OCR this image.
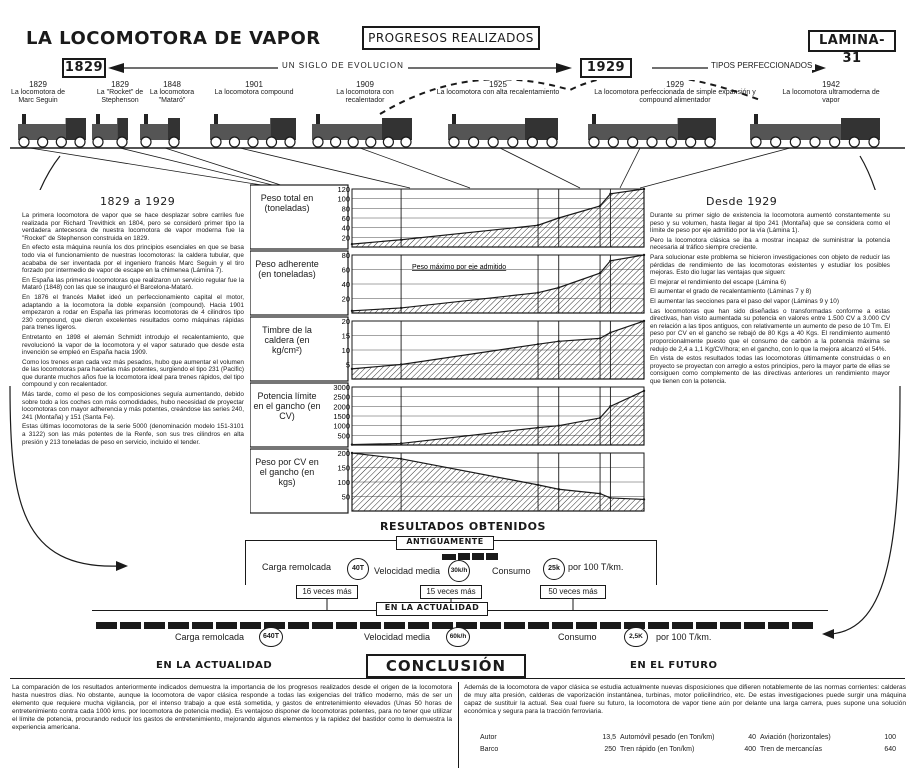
LA LOCOMOTORA DE VAPOR	PROGRESOS REALIZADOS	LAMINA-31
1829	1929
UN SIGLO DE EVOLUCION	TIPOS PERFECCIONADOS
1829
La locomotora de Marc Seguin
1829
La "Rocket" de Stephenson
1848
La locomotora "Mataró"
1901
La locomotora compound
1909
La locomotora con recalentador
1925
La locomotora con alta recalentamiento
1929
La locomotora perfeccionada de simple expansión y compound alimentador
1942
La locomotora ultramoderna de vapor
1829 a 1929
La primera locomotora de vapor que se hace desplazar sobre carriles fue realizada por Richard Trevithick en 1804, pero se consideró primer tipo la verdadera antecesora de nuestra locomotora de vapor moderna fue la "Rocket" de Stephenson construida en 1829.
En efecto esta máquina reunía los dos principios esenciales en que se basa todo via el funcionamiento de nuestras locomotoras: la caldera tubular, que acababa de ser inventada por el ingeniero francés Marc Seguin y el tiro forzado por intermedio de vapor de escape en la chimenea (Lámina 7).
En España las primeras locomotoras que realizaron un servicio regular fue la Mataró (1848) con las que se inauguró el Barcelona-Mataró.
En 1876 el francés Mallet ideó un perfeccionamiento capital el motor, adaptando a la locomotora la doble expansión (compound). Hacia 1901 empezaron a rodar en España las primeras locomotoras de 4 cilindros tipo 230 compound, que dieron excelentes resultados como máquinas rápidas para trenes ligeros.
Entretanto en 1898 el alemán Schmidt introdujo el recalentamiento, que revolucionó la vapor de la locomotora y el vapor saturado que desde esta invención se empleó en España hacia 1909.
Como los trenes eran cada vez más pesados, hubo que aumentar el volumen de las locomotoras para hacerlas más potentes, surgiendo el tipo 231 (Pacific) que durante muchos años fue la locomotora ideal para trenes rápidos, del tipo compound y con recalentador.
Más tarde, como el peso de los composiciones seguía aumentando, debido sobre todo a los coches con más comodidades, hubo necesidad de proyectar locomotoras con mayor adherencia y más potentes, creándose las series 240, 241 (Montaña) y 151 (Santa Fe).
Estas últimas locomotoras de la serie 5000 (denominación modelo 151-3101 a 3122) son las más potentes de la Renfe, son sus tres cilindros en alta presión y 213 toneladas de peso en servicio, incluido el tender.
Desde 1929
Durante su primer siglo de existencia la locomotora aumentó constantemente su peso y su volumen, hasta llegar al tipo 241 (Montaña) que se considera como el límite de peso por eje admitido por la vía (Lámina 1).
Pero la locomotora clásica se iba a mostrar incapaz de suministrar la potencia necesaria al tráfico siempre creciente.
Para solucionar este problema se hicieron investigaciones con objeto de reducir las pérdidas de rendimiento de las locomotoras existentes y estudiar los posibles mejoras. Esto dio lugar las ventajas que siguen:
El mejorar el rendimiento del escape (Lámina 6)
El aumentar el grado de recalentamiento (Láminas 7 y 8)
El aumentar las secciones para el paso del vapor (Láminas 9 y 10)
Las locomotoras que han sido diseñadas o transformadas conforme a estas directivas, han visto aumentada su potencia en valores entre 1.500 CV a 3.000 CV en relación a las tipos antiguos, con relativamente un aumento de peso de 10 Tm. El peso por CV en el gancho se rebajó de 80 Kgs a 40 Kgs. El rendimiento aumentó proporcionalmente puesto que el consumo de carbón a la potencia máxima se redujo de 2,4 a 1,1 Kg/CV/hora; en el gancho, con lo que la mejora alcanzó el 54%.
En vista de estos resultados todas las locomotoras últimamente construidas o en proyecto se proyectan con arreglo a estos principios, pero la mayor parte de ellas se consiguen como complemento de las directivas anteriores un rendimiento mayor que tienen con la potencia.
Peso total en (toneladas)
20
40
60
80
100
120
Peso adherente (en toneladas)
20
40
60
80
Peso máximo por eje admitido
Timbre de la caldera (en kg/cm²)
5
10
15
20
Potencia límite en el gancho (en CV)
500
1000
1500
2000
2500
3000
Peso por CV en el gancho (en kgs)
50
100
150
200
RESULTADOS OBTENIDOS
ANTIGUAMENTE
Carga remolcada	40T	Velocidad media	30k/h	Consumo	25k por 100 T/km.
16 veces más	15 veces más	50 veces más
EN LA ACTUALIDAD
Carga remolcada	640T	Velocidad media	60k/h	Consumo	2,5K	por 100 T/km.
EN LA ACTUALIDAD	CONCLUSIÓN	EN EL FUTURO
La comparación de los resultados anteriormente indicados demuestra la importancia de los progresos realizados desde el origen de la locomotora hasta nuestros días. No obstante, aunque la locomotora de vapor clásica responde a todas las exigencias del tráfico moderno, más de ser un elemento que requiere mucha vigilancia, por el intenso trabajo a que está sometida, y gastos de entretenimiento elevados (Unas 50 horas de entretenimiento contra cada 1000 kms. por locomotora de potencia media). Es ventajoso disponer de locomotoras potentes, para no tener que utilizar el límite de potencia, procurando reducir los gastos de entretenimiento, mejorando algunos elementos y la rapidez del bastidor como lo demuestra la experiencia americana.
Además de la locomotora de vapor clásica se estudia actualmente nuevas disposiciones que difieren notablemente de las normas corrientes: calderas de muy alta presión, calderas de vaporización instantánea, turbinas, motor policilíndrico, etc. De estas investigaciones puede surgir una máquina capaz de sustituir la actual. Sea cual fuere su futuro, la locomotora de vapor tiene aún por delante una larga carrera, pues supone una solución económica y segura para la tracción ferroviaria.
Autor	13,5 Automóvil pesado (en Ton/km)	40 Aviación (horizontales)	100
Barco	250 Tren rápido (en Ton/km)	400 Tren de mercancías	640
